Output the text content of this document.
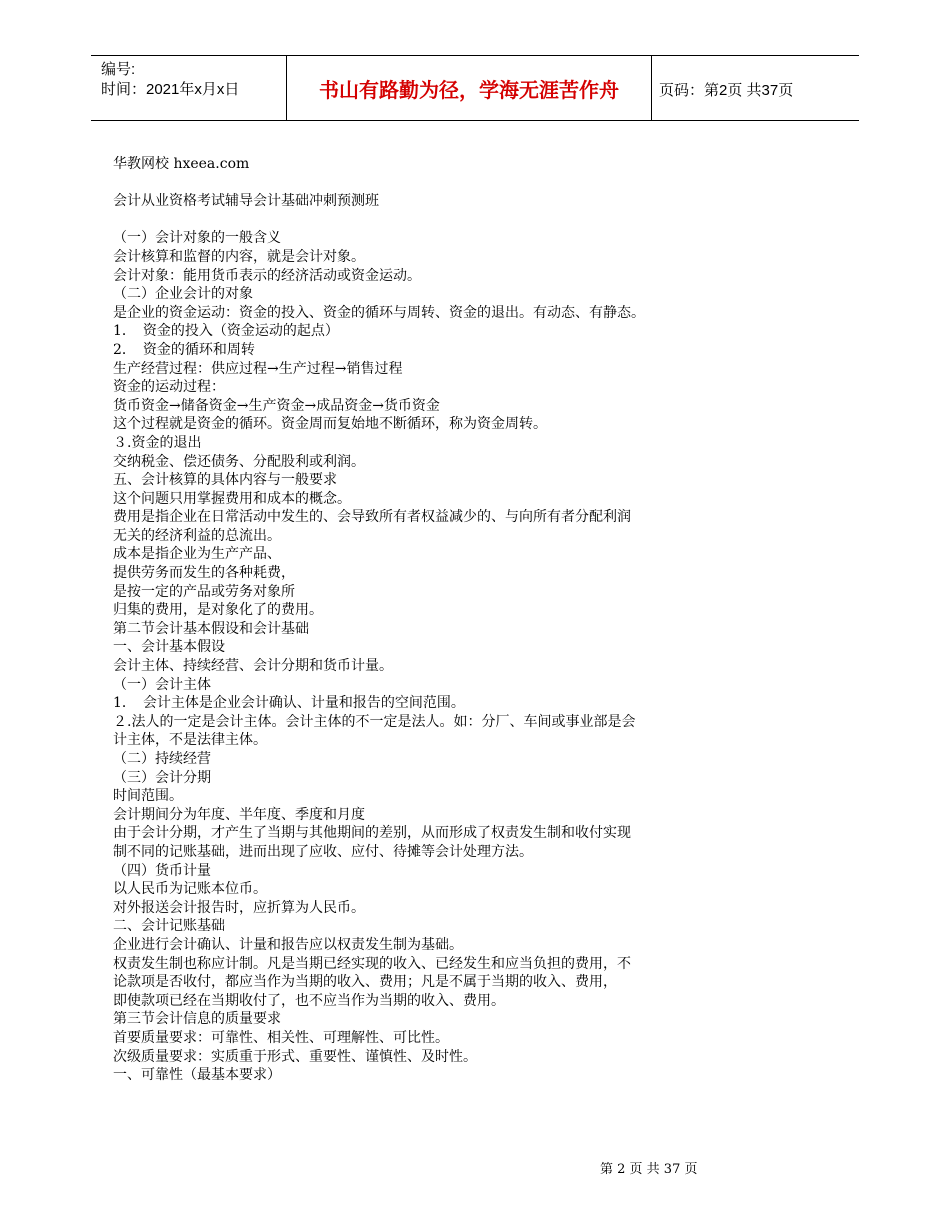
编号:
时间：2021年x月x日	书山有路勤为径，学海无涯苦作舟	页码：第2页 共37页

华教网校 hxeea.com

会计从业资格考试辅导会计基础冲刺预测班

（一）会计对象的一般含义

会计核算和监督的内容，就是会计对象。

会计对象：能用货币表示的经济活动或资金运动。

（二）企业会计的对象

是企业的资金运动：资金的投入、资金的循环与周转、资金的退出。有动态、有静态。

1．　资金的投入（资金运动的起点）

2．　资金的循环和周转

生产经营过程：供应过程→生产过程→销售过程

资金的运动过程：

货币资金→储备资金→生产资金→成品资金→货币资金

这个过程就是资金的循环。资金周而复始地不断循环，称为资金周转。

３.资金的退出

交纳税金、偿还债务、分配股利或利润。

五、会计核算的具体内容与一般要求

这个问题只用掌握费用和成本的概念。

费用是指企业在日常活动中发生的、会导致所有者权益减少的、与向所有者分配利润

无关的经济利益的总流出。

成本是指企业为生产产品、

提供劳务而发生的各种耗费，

是按一定的产品或劳务对象所

归集的费用，是对象化了的费用。

第二节会计基本假设和会计基础

一、会计基本假设

会计主体、持续经营、会计分期和货币计量。

（一）会计主体

1．　会计主体是企业会计确认、计量和报告的空间范围。

２.法人的一定是会计主体。会计主体的不一定是法人。如：分厂、车间或事业部是会

计主体，不是法律主体。

（二）持续经营

（三）会计分期

时间范围。

会计期间分为年度、半年度、季度和月度

由于会计分期，才产生了当期与其他期间的差别，从而形成了权责发生制和收付实现

制不同的记账基础，进而出现了应收、应付、待摊等会计处理方法。

（四）货币计量

以人民币为记账本位币。

对外报送会计报告时，应折算为人民币。

二、会计记账基础

企业进行会计确认、计量和报告应以权责发生制为基础。

权责发生制也称应计制。凡是当期已经实现的收入、已经发生和应当负担的费用，不

论款项是否收付，都应当作为当期的收入、费用；凡是不属于当期的收入、费用，

即使款项已经在当期收付了，也不应当作为当期的收入、费用。

第三节会计信息的质量要求

首要质量要求：可靠性、相关性、可理解性、可比性。

次级质量要求：实质重于形式、重要性、谨慎性、及时性。

一、可靠性（最基本要求）

第 2 页 共 37 页
